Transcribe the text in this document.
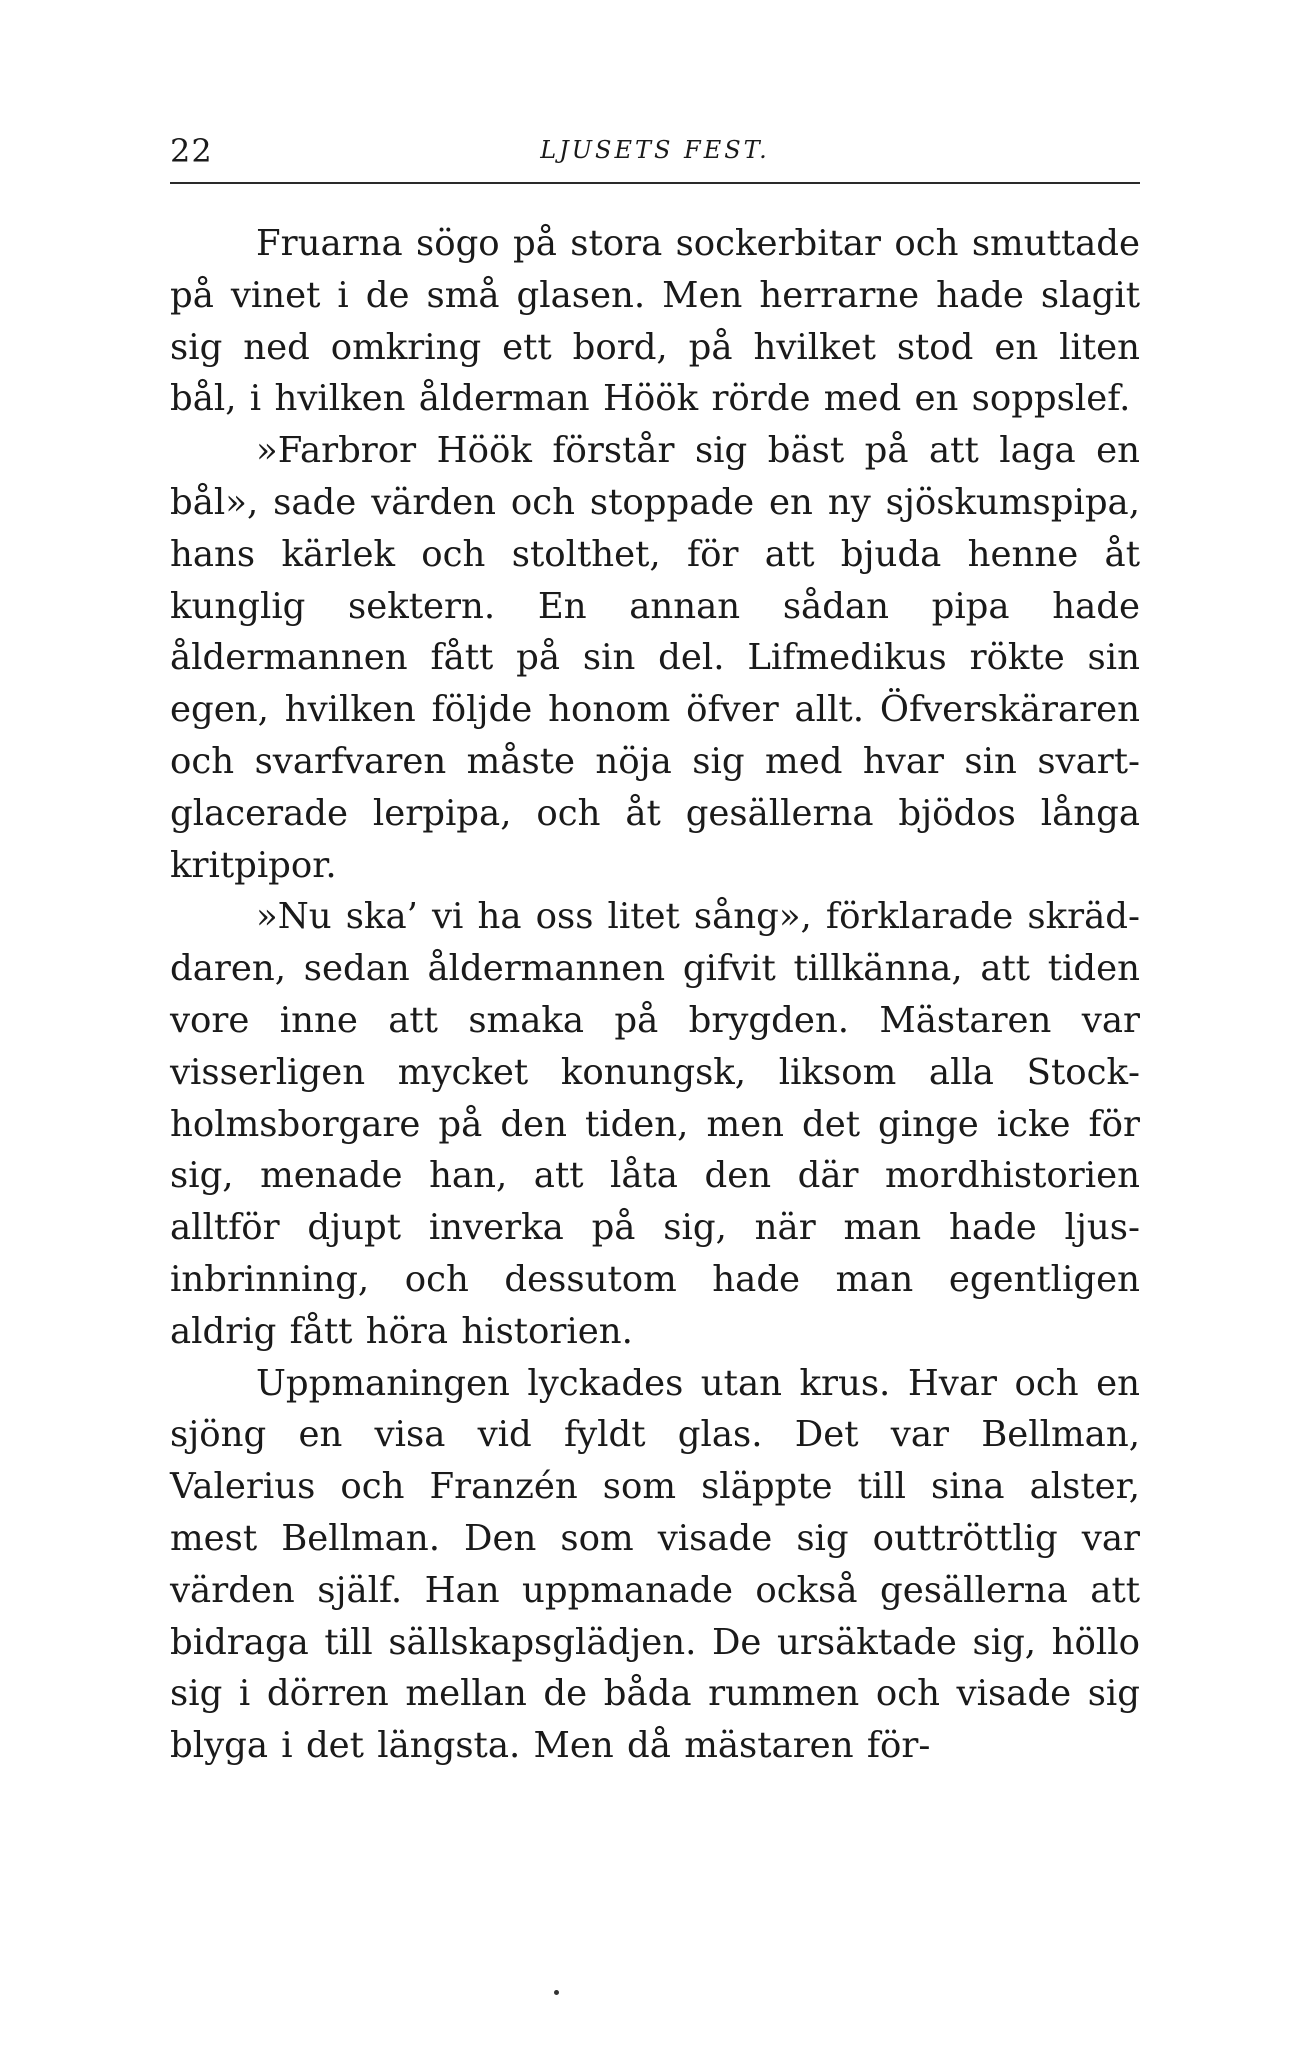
22	LJUSETS FEST.

Fruarna sögo på stora sockerbitar och smuttade på vinet i de små glasen. Men herrarne hade slagit sig ned omkring ett bord, på hvilket stod en liten bål, i hvilken ålderman Höök rörde med en soppslef.

»Farbror Höök förstår sig bäst på att laga en bål», sade värden och stoppade en ny sjöskumspipa, hans kärlek och stolthet, för att bjuda henne åt kunglig sektern. En annan sådan pipa hade åldermannen fått på sin del. Lifmedikus rökte sin egen, hvilken följde honom öfver allt. Öfverskäraren och svarfvaren måste nöja sig med hvar sin svartglacerade lerpipa, och åt gesällerna bjödos långa kritpipor.

»Nu ska’ vi ha oss litet sång», förklarade skräddaren, sedan åldermannen gifvit tillkänna, att tiden vore inne att smaka på brygden. Mästaren var visserligen mycket konungsk, liksom alla Stockholmsborgare på den tiden, men det ginge icke för sig, menade han, att låta den där mordhistorien alltför djupt inverka på sig, när man hade ljusinbrinning, och dessutom hade man egentligen aldrig fått höra historien.

Uppmaningen lyckades utan krus. Hvar och en sjöng en visa vid fyldt glas. Det var Bellman, Valerius och Franzén som släppte till sina alster, mest Bellman. Den som visade sig outtröttlig var värden själf. Han uppmanade också gesällerna att bidraga till sällskapsglädjen. De ursäktade sig, höllo sig i dörren mellan de båda rummen och visade sig blyga i det längsta. Men då mästaren för-
